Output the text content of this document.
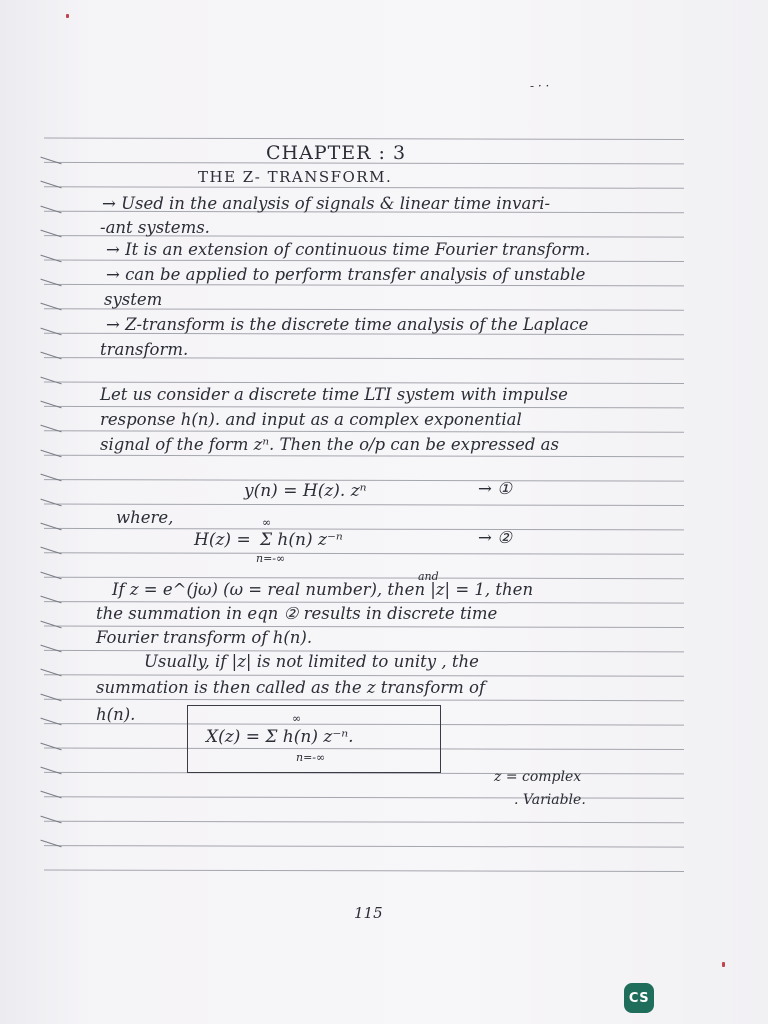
- · ·

CHAPTER : 3

THE Z- TRANSFORM.

→ Used in the analysis of signals & linear time invari-

-ant systems.

→ It is an extension of continuous time Fourier transform.

→ can be applied to perform transfer analysis of unstable

system

→ Z-transform is the discrete time analysis of the Laplace

transform.

Let us consider a discrete time LTI system with impulse

response h(n). and input as a complex exponential

signal of the form zⁿ. Then the o/p can be expressed as

y(n) = H(z). zⁿ	→ ①

where,	∞

H(z) = Σ h(n) z⁻ⁿ

n=-∞

→ ②

and

If z = e^(jω) (ω = real number), then |z| = 1, then

the summation in eqn ② results in discrete time

Fourier transform of h(n).

Usually, if |z| is not limited to unity , the

summation is then called as the z transform of

h(n).	∞

X(z) = Σ h(n) z⁻ⁿ.

n=-∞

z = complex

. Variable.

115

CS
